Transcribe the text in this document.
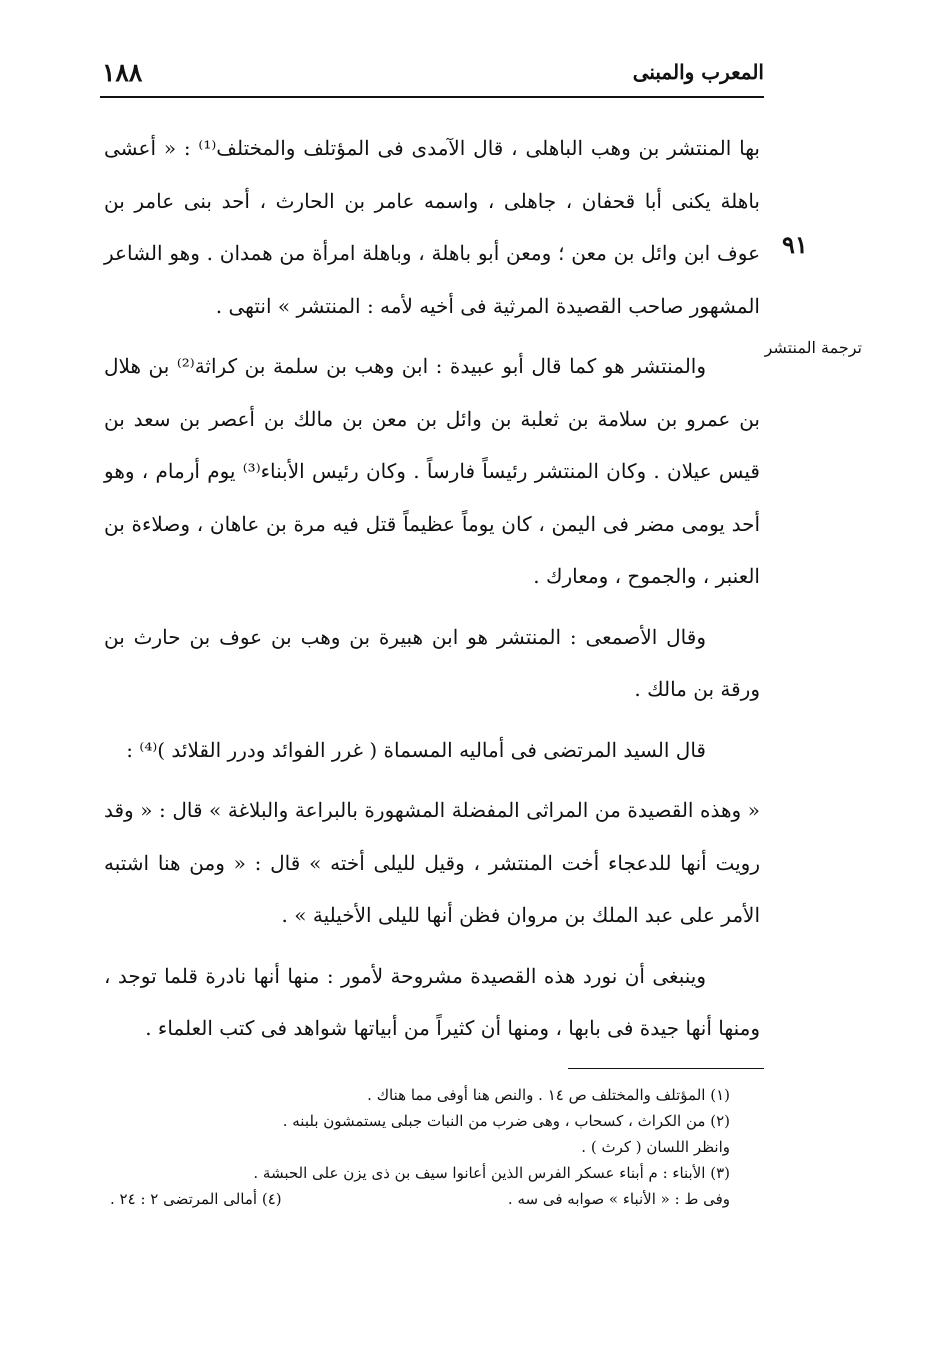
١٨٨	المعرب والمبنى
٩١
ترجمة المنتشر

بها المنتشر بن وهب الباهلى ، قال الآمدى فى المؤتلف والمختلف⁽¹⁾ : « أعشى باهلة يكنى أبا قحفان ، جاهلى ، واسمه عامر بن الحارث ، أحد بنى عامر بن عوف ابن وائل بن معن ؛ ومعن أبو باهلة ، وباهلة امرأة من همدان . وهو الشاعر المشهور صاحب القصيدة المرثية فى أخيه لأمه : المنتشر » انتهى .

والمنتشر هو كما قال أبو عبيدة : ابن وهب بن سلمة بن كراثة⁽²⁾ بن هلال بن عمرو بن سلامة بن ثعلبة بن وائل بن معن بن مالك بن أعصر بن سعد بن قيس عيلان . وكان المنتشر رئيساً فارساً . وكان رئيس الأبناء⁽³⁾ يوم أرمام ، وهو أحد يومى مضر فى اليمن ، كان يوماً عظيماً قتل فيه مرة بن عاهان ، وصلاءة بن العنبر ، والجموح ، ومعارك .

وقال الأصمعى : المنتشر هو ابن هبيرة بن وهب بن عوف بن حارث بن ورقة بن مالك .

قال السيد المرتضى فى أماليه المسماة ( غرر الفوائد ودرر القلائد )⁽⁴⁾ :

« وهذه القصيدة من المراثى المفضلة المشهورة بالبراعة والبلاغة » قال : « وقد رويت أنها للدعجاء أخت المنتشر ، وقيل لليلى أخته » قال : « ومن هنا اشتبه الأمر على عبد الملك بن مروان فظن أنها لليلى الأخيلية » .

وينبغى أن نورد هذه القصيدة مشروحة لأمور : منها أنها نادرة قلما توجد ، ومنها أنها جيدة فى بابها ، ومنها أن كثيراً من أبياتها شواهد فى كتب العلماء .

(١) المؤتلف والمختلف ص ١٤ . والنص هنا أوفى مما هناك .

(٢) من الكراث ، كسحاب ، وهى ضرب من النبات جبلى يستمشون بلبنه .

وانظر اللسان ( كرث ) .

(٣) الأبناء : م أبناء عسكر الفرس الذين أعانوا سيف بن ذى يزن على الحبشة .

وفى ط : « الأنباء » صوابه فى سه .
(٤) أمالى المرتضى ٢ : ٢٤ .
